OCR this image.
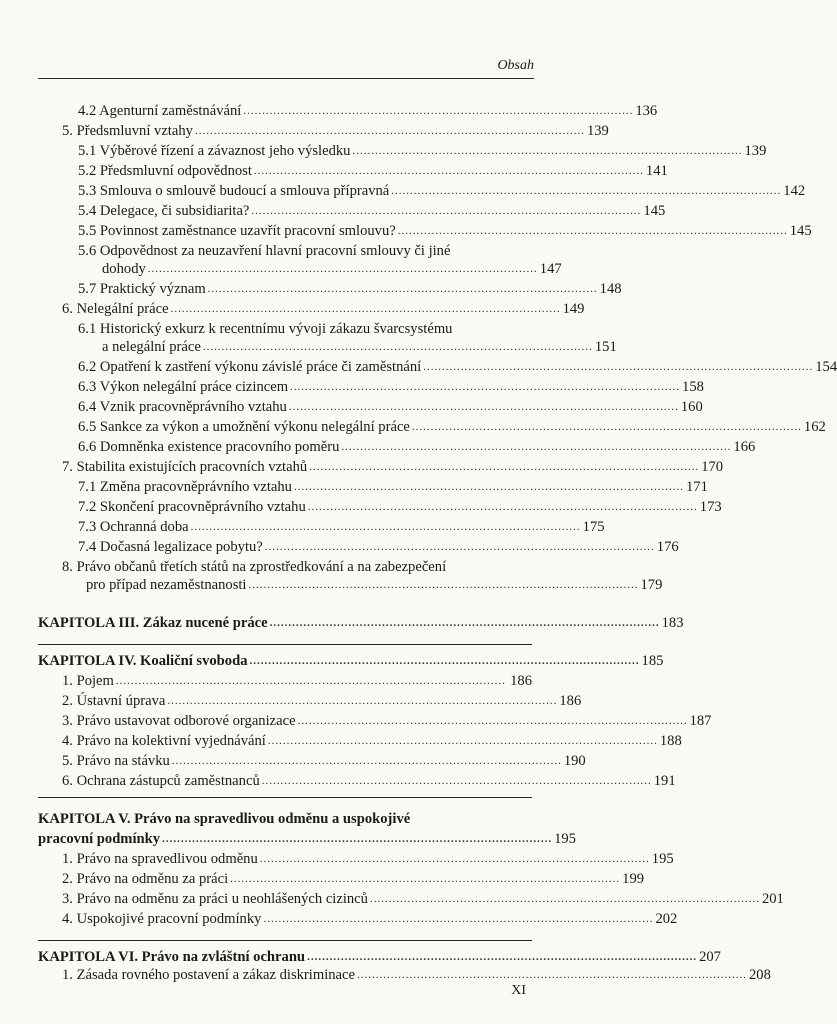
Obsah
4.2 Agenturní zaměstnávání ........................................................................................................ 136
5. Předsmluvní vztahy ........................................................................................................ 139
5.1 Výběrové řízení a závaznost jeho výsledku ........................................................................................................ 139
5.2 Předsmluvní odpovědnost ........................................................................................................ 141
5.3 Smlouva o smlouvě budoucí a smlouva přípravná ........................................................................................................ 142
5.4 Delegace, či subsidiarita? ........................................................................................................ 145
5.5 Povinnost zaměstnance uzavřít pracovní smlouvu? ........................................................................................................ 145
5.6 Odpovědnost za neuzavření hlavní pracovní smlouvy či jiné
dohody ........................................................................................................ 147
5.7 Praktický význam ........................................................................................................ 148
6. Nelegální práce ........................................................................................................ 149
6.1 Historický exkurz k recentnímu vývoji zákazu švarcsystému
a nelegální práce ........................................................................................................ 151
6.2 Opatření k zastření výkonu závislé práce či zaměstnání ........................................................................................................ 154
6.3 Výkon nelegální práce cizincem ........................................................................................................ 158
6.4 Vznik pracovněprávního vztahu ........................................................................................................ 160
6.5 Sankce za výkon a umožnění výkonu nelegální práce ........................................................................................................ 162
6.6 Domněnka existence pracovního poměru ........................................................................................................ 166
7. Stabilita existujících pracovních vztahů ........................................................................................................ 170
7.1 Změna pracovněprávního vztahu ........................................................................................................ 171
7.2 Skončení pracovněprávního vztahu ........................................................................................................ 173
7.3 Ochranná doba ........................................................................................................ 175
7.4 Dočasná legalizace pobytu? ........................................................................................................ 176
8. Právo občanů třetích států na zprostředkování a na zabezpečení
pro případ nezaměstnanosti ........................................................................................................ 179
KAPITOLA III. Zákaz nucené práce ........................................................................................................ 183
KAPITOLA IV. Koaliční svoboda ........................................................................................................ 185
1. Pojem ........................................................................................................ 186
2. Ústavní úprava ........................................................................................................ 186
3. Právo ustavovat odborové organizace ........................................................................................................ 187
4. Právo na kolektivní vyjednávání ........................................................................................................ 188
5. Právo na stávku ........................................................................................................ 190
6. Ochrana zástupců zaměstnanců ........................................................................................................ 191
KAPITOLA V. Právo na spravedlivou odměnu a uspokojivé
pracovní podmínky ........................................................................................................ 195
1. Právo na spravedlivou odměnu ........................................................................................................ 195
2. Právo na odměnu za práci ........................................................................................................ 199
3. Právo na odměnu za práci u neohlášených cizinců ........................................................................................................ 201
4. Uspokojivé pracovní podmínky ........................................................................................................ 202
KAPITOLA VI. Právo na zvláštní ochranu ........................................................................................................ 207
1. Zásada rovného postavení a zákaz diskriminace ........................................................................................................ 208
XI
